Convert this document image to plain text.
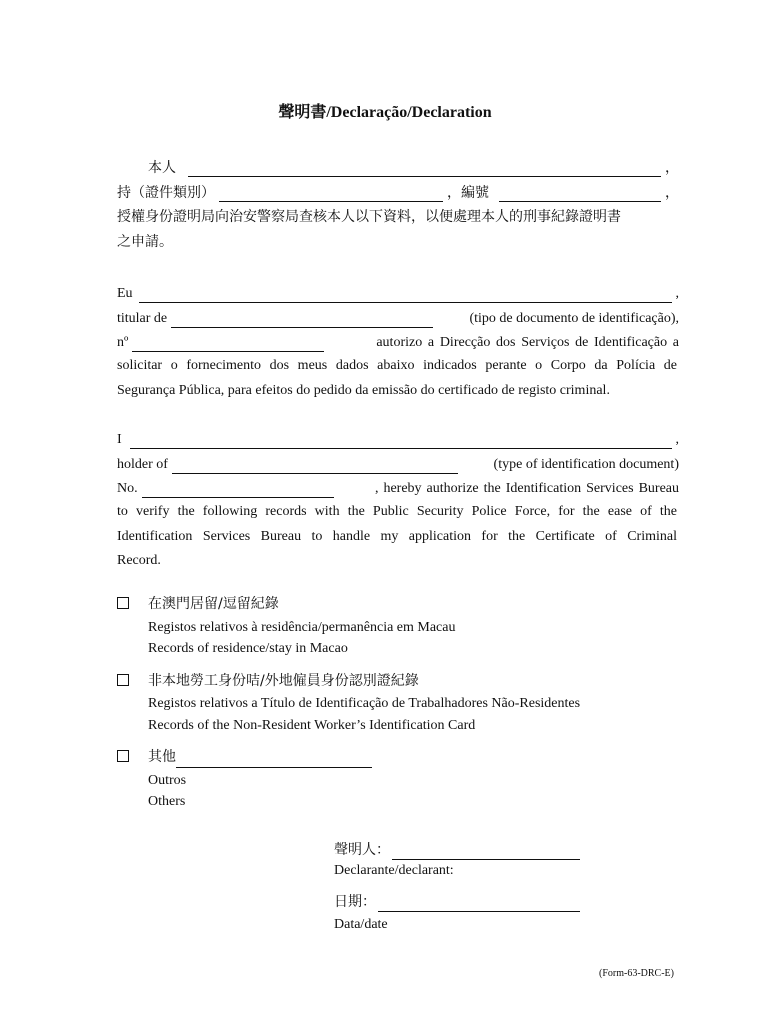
聲明書/Declaração/Declaration
本人	，
持（證件類別）	，編號	，
授權身份證明局向治安警察局查核本人以下資料，以便處理本人的刑事紀錄證明書
之申請。
Eu	,
titular de	(tipo de documento de identificação),
nº	autorizo a Direcção dos Serviços de Identificação a
solicitar o fornecimento dos meus dados abaixo indicados perante o Corpo da Polícia de
Segurança Pública, para efeitos do pedido da emissão do certificado de registo criminal.
I	,
holder of	(type of identification document)
No.	, hereby authorize the Identification Services Bureau
to verify the following records with the Public Security Police Force, for the ease of the
Identification Services Bureau to handle my application for the Certificate of Criminal
Record.
在澳門居留/逗留紀錄
Registos relativos à residência/permanência em Macau
Records of residence/stay in Macao
非本地勞工身份咭/外地僱員身份認別證紀錄
Registos relativos a Título de Identificação de Trabalhadores Não-Residentes
Records of the Non-Resident Worker’s Identification Card
其他
Outros
Others
聲明人：
Declarante/declarant:
日期：
Data/date
(Form-63-DRC-E)
